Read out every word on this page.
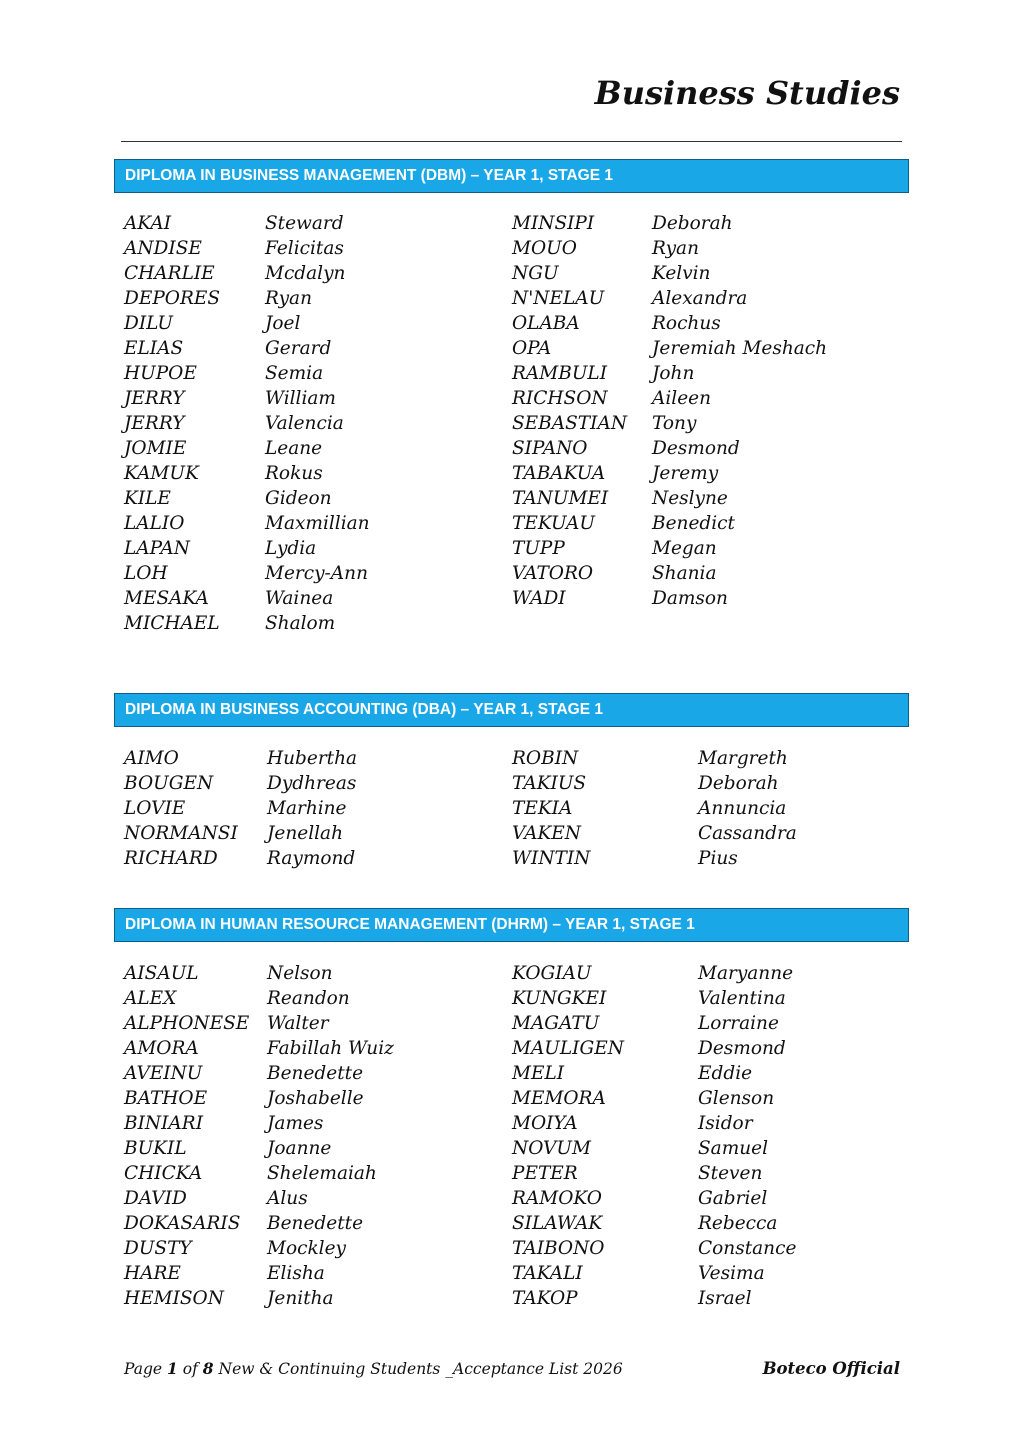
Business Studies
DIPLOMA IN BUSINESS MANAGEMENT (DBM) – YEAR 1, STAGE 1
AKAI	Steward
ANDISE	Felicitas
CHARLIE	Mcdalyn
DEPORES Ryan
DILU	Joel
ELIAS	Gerard
HUPOE	Semia
JERRY	William
JERRY	Valencia
JOMIE	Leane
KAMUK	Rokus
KILE	Gideon
LALIO	Maxmillian
LAPAN	Lydia
LOH	Mercy-Ann
MESAKA	Wainea
MICHAEL Shalom
MINSIPI	Deborah
MOUO	Ryan
NGU	Kelvin
N'NELAU	Alexandra
OLABA	Rochus
OPA	Jeremiah Meshach
RAMBULI John
RICHSON Aileen
SEBASTIAN Tony
SIPANO	Desmond
TABAKUA	Jeremy
TANUMEI Neslyne
TEKUAU	Benedict
TUPP	Megan
VATORO	Shania
WADI	Damson
DIPLOMA IN BUSINESS ACCOUNTING (DBA) – YEAR 1, STAGE 1
AIMO	Hubertha
BOUGEN	Dydhreas
LOVIE	Marhine
NORMANSI Jenellah
RICHARD	Raymond
ROBIN	Margreth
TAKIUS	Deborah
TEKIA	Annuncia
VAKEN	Cassandra
WINTIN	Pius
DIPLOMA IN HUMAN RESOURCE MANAGEMENT (DHRM) – YEAR 1, STAGE 1
AISAUL	Nelson
ALEX	Reandon
ALPHONESE Walter
AMORA	Fabillah Wuiz
AVEINU	Benedette
BATHOE	Joshabelle
BINIARI	James
BUKIL	Joanne
CHICKA	Shelemaiah
DAVID	Alus
DOKASARIS Benedette
DUSTY	Mockley
HARE	Elisha
HEMISON Jenitha
KOGIAU	Maryanne
KUNGKEI	Valentina
MAGATU	Lorraine
MAULIGEN	Desmond
MELI	Eddie
MEMORA	Glenson
MOIYA	Isidor
NOVUM	Samuel
PETER	Steven
RAMOKO	Gabriel
SILAWAK	Rebecca
TAIBONO	Constance
TAKALI	Vesima
TAKOP	Israel
Page 1 of 8 New & Continuing Students _Acceptance List 2026	Boteco Official
